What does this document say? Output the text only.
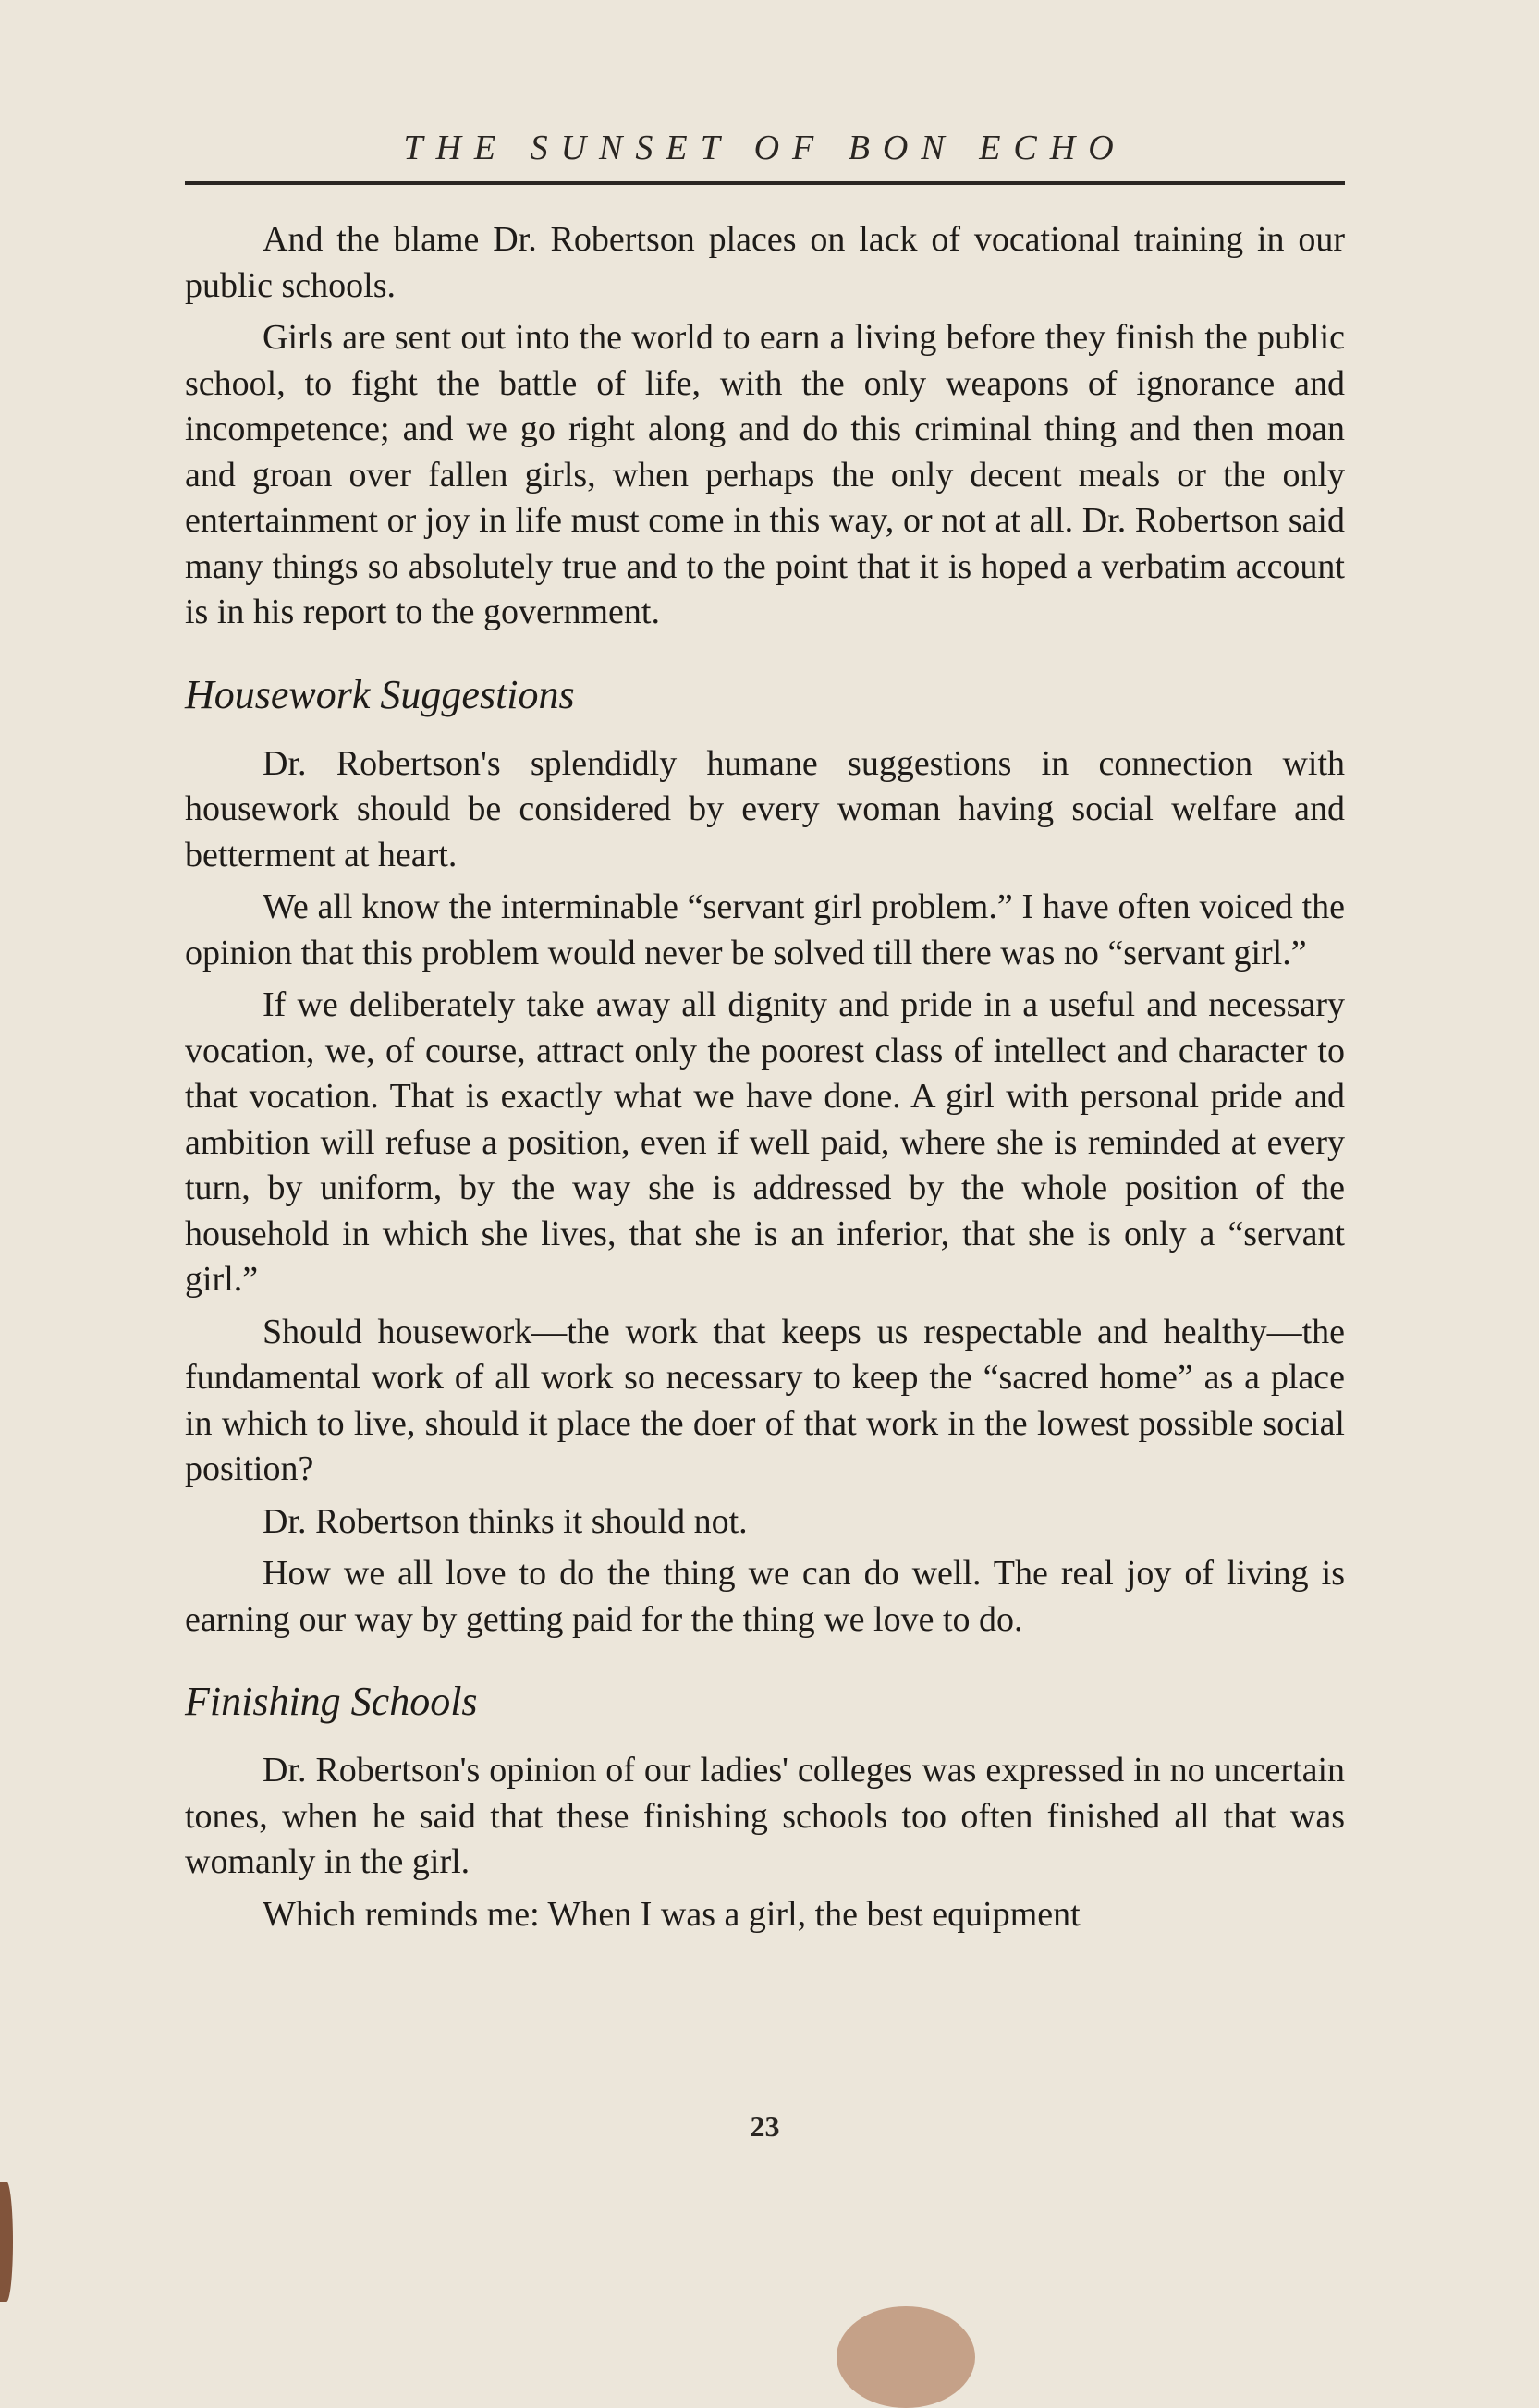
THE SUNSET OF BON ECHO

And the blame Dr. Robertson places on lack of vocational training in our public schools.

Girls are sent out into the world to earn a living before they finish the public school, to fight the battle of life, with the only weapons of ignorance and incompetence; and we go right along and do this criminal thing and then moan and groan over fallen girls, when perhaps the only decent meals or the only entertainment or joy in life must come in this way, or not at all. Dr. Robertson said many things so absolutely true and to the point that it is hoped a verbatim account is in his report to the government.

Housework Suggestions

Dr. Robertson's splendidly humane suggestions in connection with housework should be considered by every woman having social welfare and betterment at heart.

We all know the interminable “servant girl problem.” I have often voiced the opinion that this problem would never be solved till there was no “servant girl.”

If we deliberately take away all dignity and pride in a useful and necessary vocation, we, of course, attract only the poorest class of intellect and character to that vocation. That is exactly what we have done. A girl with personal pride and ambition will refuse a position, even if well paid, where she is reminded at every turn, by uniform, by the way she is addressed by the whole position of the household in which she lives, that she is an inferior, that she is only a “servant girl.”

Should housework—the work that keeps us respectable and healthy—the fundamental work of all work so necessary to keep the “sacred home” as a place in which to live, should it place the doer of that work in the lowest possible social position?

Dr. Robertson thinks it should not.

How we all love to do the thing we can do well. The real joy of living is earning our way by getting paid for the thing we love to do.

Finishing Schools

Dr. Robertson's opinion of our ladies' colleges was expressed in no uncertain tones, when he said that these finishing schools too often finished all that was womanly in the girl.

Which reminds me: When I was a girl, the best equipment

23
